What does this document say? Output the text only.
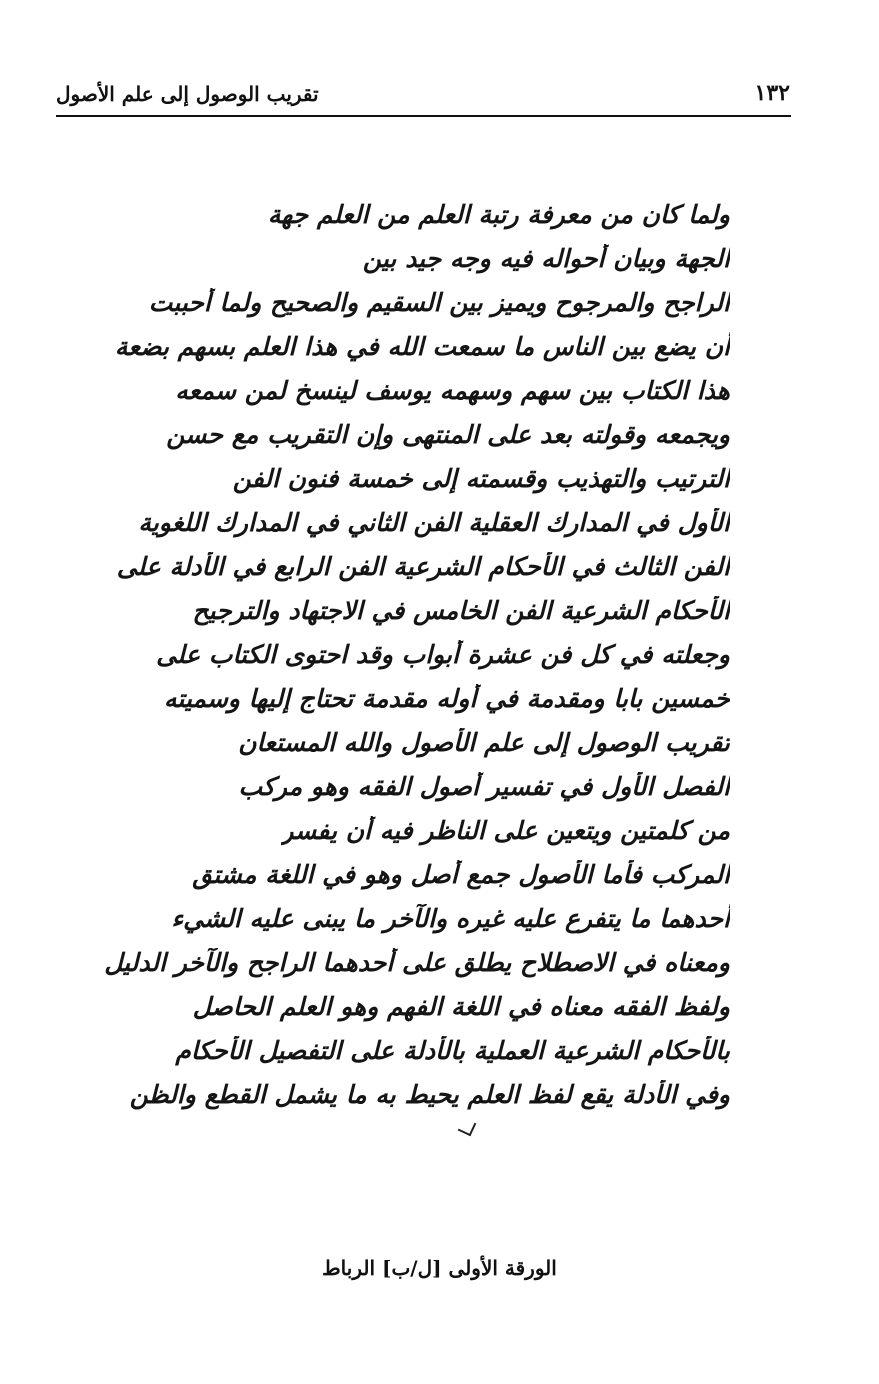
١٣٢
تقريب الوصول إلى علم الأصول
ولما كان من معرفة رتبة العلم من العلم جهة
الجهة وبيان أحواله فيه وجه جيد بين
الراجح والمرجوح ويميز بين السقيم والصحيح ولما أحببت
أن يضع بين الناس ما سمعت الله في هذا العلم بسهم بضعة
هذا الكتاب بين سهم وسهمه يوسف لينسخ لمن سمعه
ويجمعه وقولته بعد على المنتهى وإن التقريب مع حسن
الترتيب والتهذيب وقسمته إلى خمسة فنون الفن
الأول في المدارك العقلية الفن الثاني في المدارك اللغوية
الفن الثالث في الأحكام الشرعية الفن الرابع في الأدلة على
الأحكام الشرعية الفن الخامس في الاجتهاد والترجيح
وجعلته في كل فن عشرة أبواب وقد احتوى الكتاب على
خمسين بابا ومقدمة في أوله مقدمة تحتاج إليها وسميته
تقريب الوصول إلى علم الأصول والله المستعان
الفصل الأول في تفسير أصول الفقه وهو مركب
من كلمتين ويتعين على الناظر فيه أن يفسر
المركب فأما الأصول جمع أصل وهو في اللغة مشتق
أحدهما ما يتفرع عليه غيره والآخر ما يبنى عليه الشيء
ومعناه في الاصطلاح يطلق على أحدهما الراجح والآخر الدليل
ولفظ الفقه معناه في اللغة الفهم وهو العلم الحاصل
بالأحكام الشرعية العملية بالأدلة على التفصيل الأحكام
وفي الأدلة يقع لفظ العلم يحيط به ما يشمل القطع والظن
الورقة الأولى [ل/ب] الرباط
